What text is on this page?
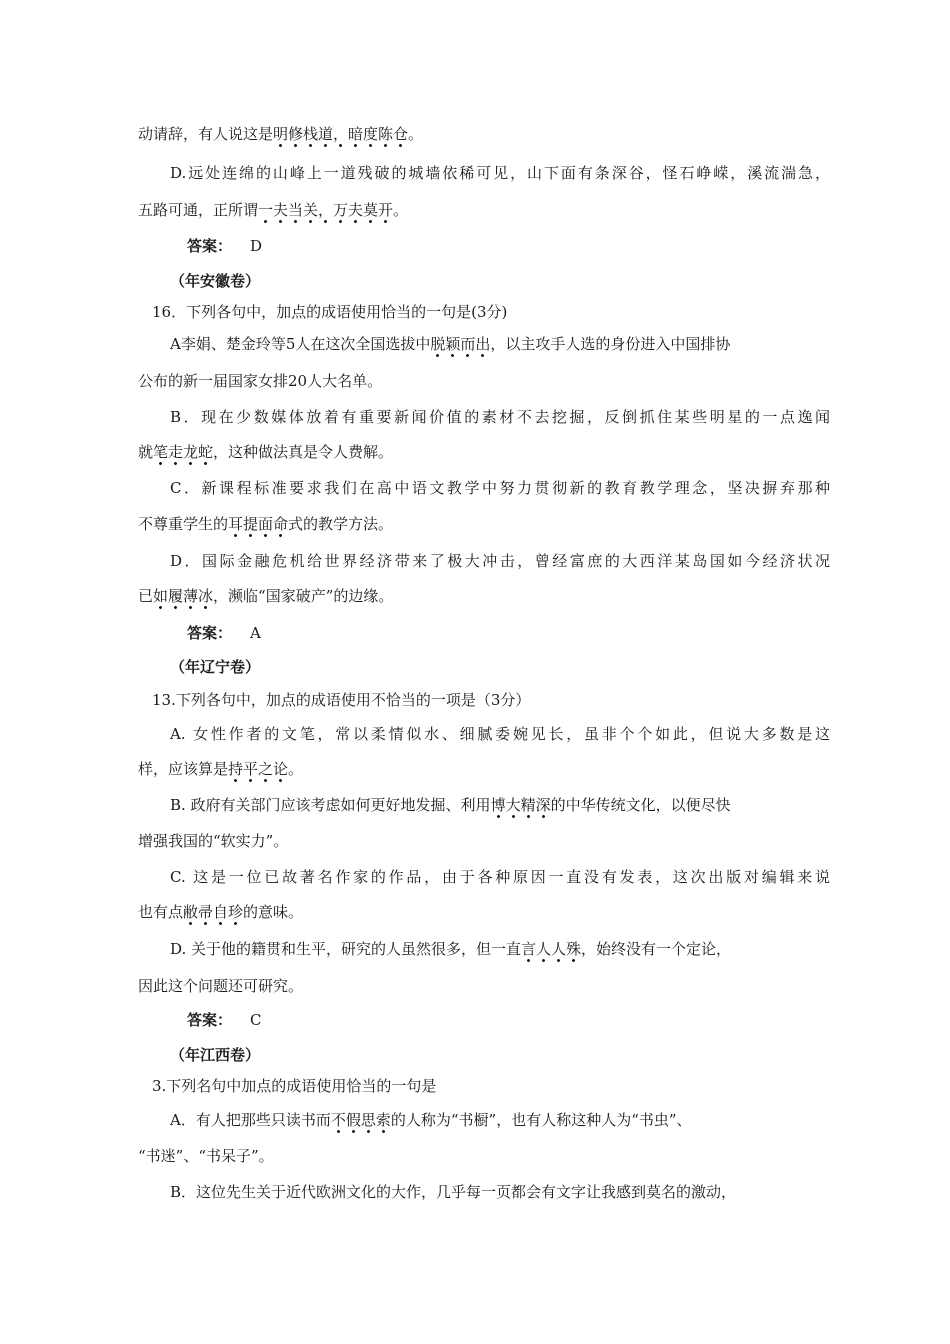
动请辞，有人说这是明修栈道，暗度陈仓。
D.远处连绵的山峰上一道残破的城墙依稀可见，山下面有条深谷，怪石峥嵘，溪流湍急，
五路可通，正所谓一夫当关，万夫莫开。
答案： D
（年安徽卷）
16．下列各句中，加点的成语使用恰当的一句是(3分)
A李娟、楚金玲等5人在这次全国选拔中脱颖而出，以主攻手人选的身份进入中国排协
公布的新一届国家女排20人大名单。
B．现在少数媒体放着有重要新闻价值的素材不去挖掘，反倒抓住某些明星的一点逸闻
就笔走龙蛇，这种做法真是令人费解。
C．新课程标准要求我们在高中语文教学中努力贯彻新的教育教学理念，坚决摒弃那种
不尊重学生的耳提面命式的教学方法。
D．国际金融危机给世界经济带来了极大冲击，曾经富庶的大西洋某岛国如今经济状况
已如履薄冰，濒临“国家破产”的边缘。
答案： A
（年辽宁卷）
13.下列各句中，加点的成语使用不恰当的一项是（3分）
A. 女性作者的文笔，常以柔情似水、细腻委婉见长，虽非个个如此，但说大多数是这
样，应该算是持平之论。
B. 政府有关部门应该考虑如何更好地发掘、利用博大精深的中华传统文化，以便尽快
增强我国的“软实力”。
C. 这是一位已故著名作家的作品，由于各种原因一直没有发表，这次出版对编辑来说
也有点敝帚自珍的意味。
D. 关于他的籍贯和生平，研究的人虽然很多，但一直言人人殊，始终没有一个定论，
因此这个问题还可研究。
答案： C
（年江西卷）
3.下列名句中加点的成语使用恰当的一句是
A．有人把那些只读书而不假思索的人称为“书橱”，也有人称这种人为“书虫”、
“书迷”、“书呆子”。
B．这位先生关于近代欧洲文化的大作，几乎每一页都会有文字让我感到莫名的激动，
